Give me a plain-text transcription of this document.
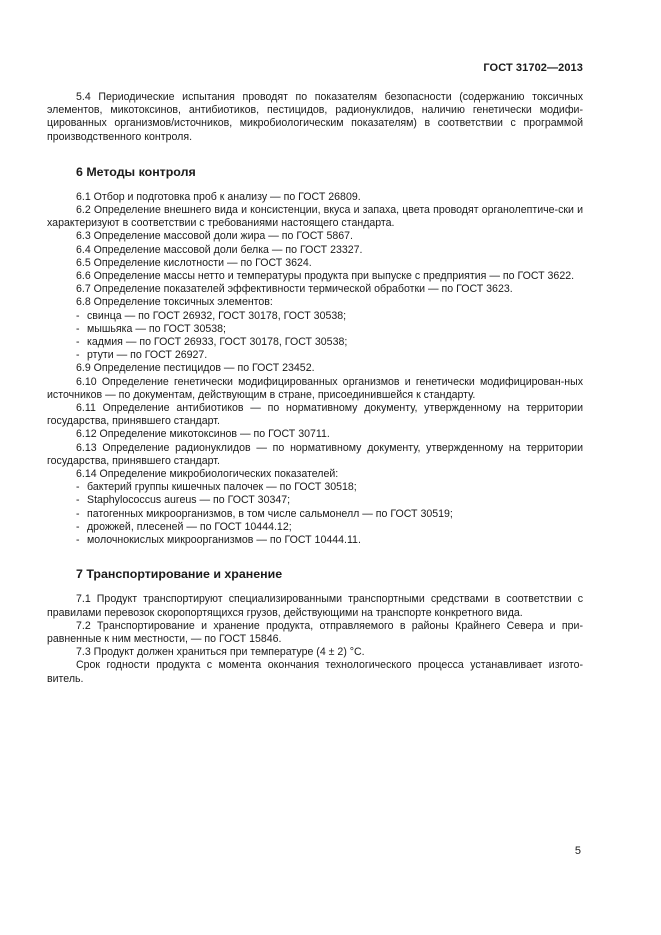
ГОСТ 31702—2013

5.4 Периодические испытания проводят по показателям безопасности (содержанию токсичных элементов, микотоксинов, антибиотиков, пестицидов, радионуклидов, наличию генетически модифи-цированных организмов/источников, микробиологическим показателям) в соответствии с программой производственного контроля.

6 Методы контроля

6.1 Отбор и подготовка проб к анализу — по ГОСТ 26809.

6.2 Определение внешнего вида и консистенции, вкуса и запаха, цвета проводят органолептиче-ски и характеризуют в соответствии с требованиями настоящего стандарта.

6.3 Определение массовой доли жира — по ГОСТ 5867.

6.4 Определение массовой доли белка — по ГОСТ 23327.

6.5 Определение кислотности — по ГОСТ 3624.

6.6 Определение массы нетто и температуры продукта при выпуске с предприятия — по ГОСТ 3622.

6.7 Определение показателей эффективности термической обработки — по ГОСТ 3623.

6.8 Определение токсичных элементов:

- свинца — по ГОСТ 26932, ГОСТ 30178, ГОСТ 30538;
- мышьяка — по ГОСТ 30538;
- кадмия — по ГОСТ 26933, ГОСТ 30178, ГОСТ 30538;
- ртути — по ГОСТ 26927.

6.9 Определение пестицидов — по ГОСТ 23452.

6.10 Определение генетически модифицированных организмов и генетически модифицирован-ных источников — по документам, действующим в стране, присоединившейся к стандарту.

6.11 Определение антибиотиков — по нормативному документу, утвержденному на территории государства, принявшего стандарт.

6.12 Определение микотоксинов — по ГОСТ 30711.

6.13 Определение радионуклидов — по нормативному документу, утвержденному на территории государства, принявшего стандарт.

6.14 Определение микробиологических показателей:

- бактерий группы кишечных палочек — по ГОСТ 30518;
- Staphylococcus aureus — по ГОСТ 30347;
- патогенных микроорганизмов, в том числе сальмонелл — по ГОСТ 30519;
- дрожжей, плесеней — по ГОСТ 10444.12;
- молочнокислых микроорганизмов — по ГОСТ 10444.11.
7 Транспортирование и хранение

7.1 Продукт транспортируют специализированными транспортными средствами в соответствии с правилами перевозок скоропортящихся грузов, действующими на транспорте конкретного вида.

7.2 Транспортирование и хранение продукта, отправляемого в районы Крайнего Севера и при-равненные к ним местности, — по ГОСТ 15846.

7.3 Продукт должен храниться при температуре (4 ± 2) °С.

Срок годности продукта с момента окончания технологического процесса устанавливает изгото-витель.

5
